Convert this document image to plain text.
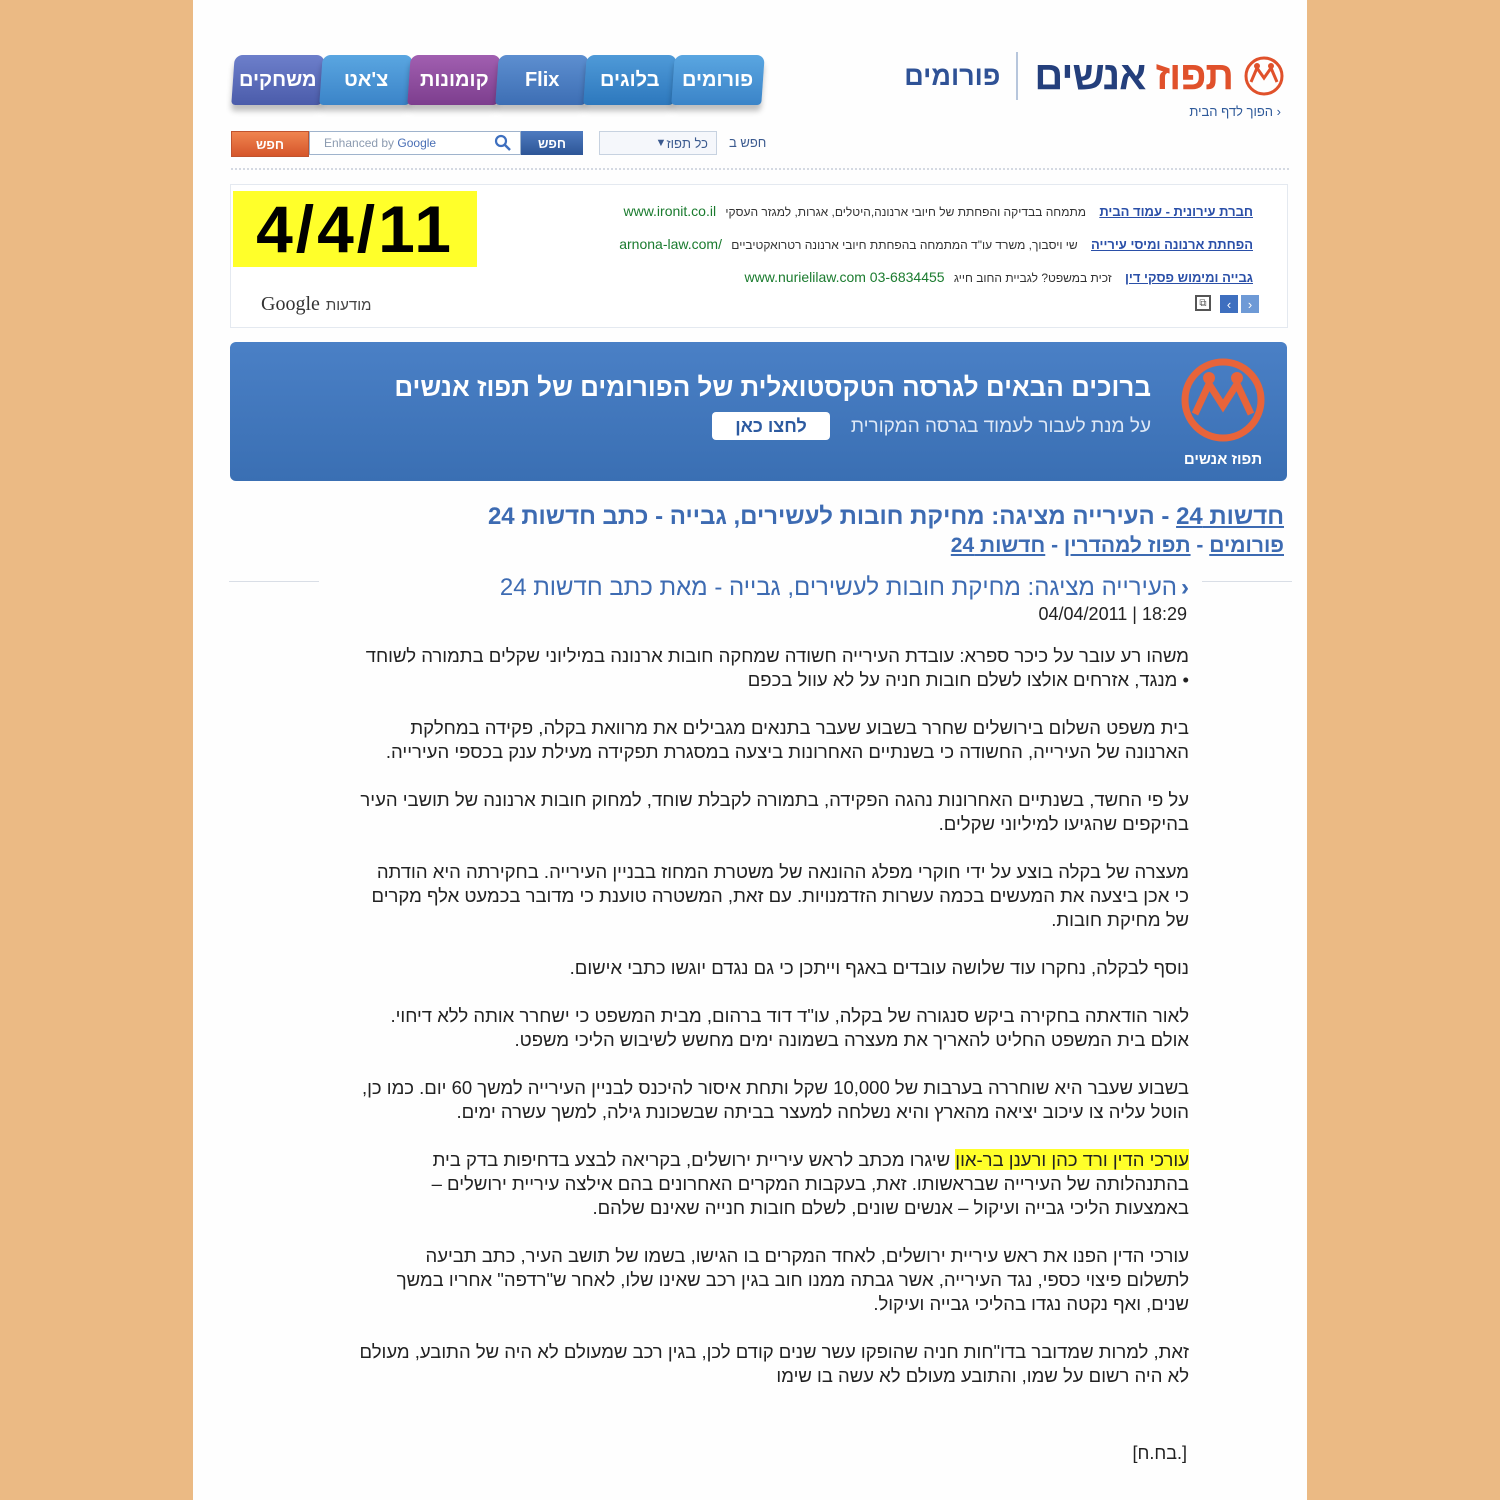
תפוז אנשים
פורומים
‹ הפוך לדף הבית
משחקים צ'אט קומונות Flix בלוגים פורומים
חפש	Enhanced by Google	חפש	▼ כל תפוז חפש ב
4/4/11
Google מודעות
חברת עירונית - עמוד הבית מתמחה בבדיקה והפחתת של חיובי ארנונה,היטלים, אגרות, למגזר העסקי www.ironit.co.il
הפחתת ארנונה ומיסי עירייה שי ויסבוך, משרד עו"ד המתמחה בהפחתת חיובי ארנונה רטרואקטיביים /arnona-law.com
גבייה ומימוש פסקי דין זכית במשפט? לגביית החוב חייג www.nurielilaw.com 03-6834455
⧉	‹	›
תפוז אנשים
ברוכים הבאים לגרסה הטקסטואלית של הפורומים של תפוז אנשים
על מנת לעבור לעמוד בגרסה המקורית
לחצו כאן
חדשות 24 - העירייה מציגה: מחיקת חובות לעשירים, גבייה - כתב חדשות 24
פורומים - תפוז למהדרין - חדשות 24
‹העירייה מציגה: מחיקת חובות לעשירים, גבייה - מאת כתב חדשות 24
04/04/2011 | 18:29

משהו רע עובר על כיכר ספרא: עובדת העירייה חשודה שמחקה חובות ארנונה במיליוני שקלים בתמורה לשוחד • מנגד, אזרחים אולצו לשלם חובות חניה על לא עוול בכפם

בית משפט השלום בירושלים שחרר בשבוע שעבר בתנאים מגבילים את מרוואת בקלה, פקידה במחלקת הארנונה של העירייה, החשודה כי בשנתיים האחרונות ביצעה במסגרת תפקידה מעילת ענק בכספי העירייה.

על פי החשד, בשנתיים האחרונות נהגה הפקידה, בתמורה לקבלת שוחד, למחוק חובות ארנונה של תושבי העיר בהיקפים שהגיעו למיליוני שקלים.

מעצרה של בקלה בוצע על ידי חוקרי מפלג ההונאה של משטרת המחוז בבניין העירייה. בחקירתה היא הודתה כי אכן ביצעה את המעשים בכמה עשרות הזדמנויות. עם זאת, המשטרה טוענת כי מדובר בכמעט אלף מקרים של מחיקת חובות.

נוסף לבקלה, נחקרו עוד שלושה עובדים באגף וייתכן כי גם נגדם יוגשו כתבי אישום.

לאור הודאתה בחקירה ביקש סנגורה של בקלה, עו"ד דוד ברהום, מבית המשפט כי ישחרר אותה ללא דיחוי. אולם בית המשפט החליט להאריך את מעצרה בשמונה ימים מחשש לשיבוש הליכי משפט.

בשבוע שעבר היא שוחררה בערבות של 10,000 שקל ותחת איסור להיכנס לבניין העירייה למשך 60 יום. כמו כן, הוטל עליה צו עיכוב יציאה מהארץ והיא נשלחה למעצר בביתה שבשכונת גילה, למשך עשרה ימים.

עורכי הדין ורד כהן ורענן בר-און שיגרו מכתב לראש עיריית ירושלים, בקריאה לבצע בדחיפות בדק בית בהתנהלותה של העירייה שבראשותו. זאת, בעקבות המקרים האחרונים בהם אילצה עיריית ירושלים – באמצעות הליכי גבייה ועיקול – אנשים שונים, לשלם חובות חנייה שאינם שלהם.

עורכי הדין הפנו את ראש עיריית ירושלים, לאחד המקרים בו הגישו, בשמו של תושב העיר, כתב תביעה לתשלום פיצוי כספי, נגד העירייה, אשר גבתה ממנו חוב בגין רכב שאינו שלו, לאחר ש"רדפה" אחריו במשך שנים, ואף נקטה נגדו בהליכי גבייה ועיקול.

זאת, למרות שמדובר בדו"חות חניה שהופקו עשר שנים קודם לכן, בגין רכב שמעולם לא היה של התובע, מעולם לא היה רשום על שמו, והתובע מעולם לא עשה בו שימו

[בח.ח.]
